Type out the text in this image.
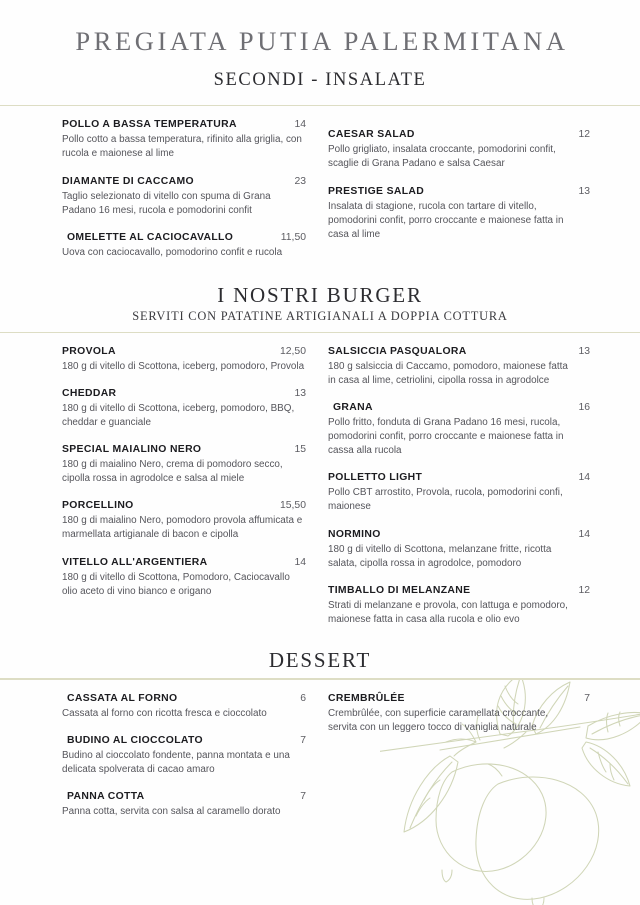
PREGIATA PUTIA PALERMITANA
SECONDI - INSALATE
POLLO A BASSA TEMPERATURA	14
Pollo cotto a bassa temperatura, rifinito alla griglia, con rucola e maionese al lime
DIAMANTE DI CACCAMO	23
Taglio selezionato di vitello con spuma di Grana Padano 16 mesi, rucola e pomodorini confit
OMELETTE AL CACIOCAVALLO	11,50
Uova con caciocavallo, pomodorino confit e rucola
CAESAR SALAD	12
Pollo grigliato, insalata croccante, pomodorini confit, scaglie di Grana Padano e salsa Caesar
PRESTIGE SALAD	13
Insalata di stagione, rucola con tartare di vitello, pomodorini confit, porro croccante e maionese fatta in casa al lime
I NOSTRI BURGER
SERVITI CON PATATINE ARTIGIANALI A DOPPIA COTTURA
PROVOLA	12,50
180 g di vitello di Scottona, iceberg, pomodoro, Provola
CHEDDAR	13
180 g di vitello di Scottona, iceberg, pomodoro, BBQ, cheddar e guanciale
SPECIAL MAIALINO NERO	15
180 g di maialino Nero, crema di pomodoro secco, cipolla rossa in agrodolce e salsa al miele
PORCELLINO	15,50
180 g di maialino Nero, pomodoro provola affumicata e marmellata artigianale di bacon e cipolla
VITELLO ALL'ARGENTIERA	14
180 g di vitello di Scottona, Pomodoro, Caciocavallo olio aceto di vino bianco e origano
SALSICCIA PASQUALORA	13
180 g salsiccia di Caccamo, pomodoro, maionese fatta in casa al lime, cetriolini, cipolla rossa in agrodolce
GRANA	16
Pollo fritto, fonduta di Grana Padano 16 mesi, rucola, pomodorini confit, porro croccante e maionese fatta in cassa alla rucola
POLLETTO LIGHT	14
Pollo CBT arrostito, Provola, rucola, pomodorini confi, maionese
NORMINO	14
180 g di vitello di Scottona, melanzane fritte, ricotta salata, cipolla rossa in agrodolce, pomodoro
TIMBALLO DI MELANZANE	12
Strati di melanzane e provola, con lattuga e pomodoro, maionese fatta in casa alla rucola e olio evo
DESSERT
CASSATA AL FORNO	6
Cassata al forno con ricotta fresca e cioccolato
BUDINO AL CIOCCOLATO	7
Budino al cioccolato fondente, panna montata e una delicata spolverata di cacao amaro
PANNA COTTA	7
Panna cotta, servita con salsa al caramello dorato
CREMBRÛLÉE	7
Crembrûlée, con superficie caramellata croccante, servita con un leggero tocco di vaniglia naturale
